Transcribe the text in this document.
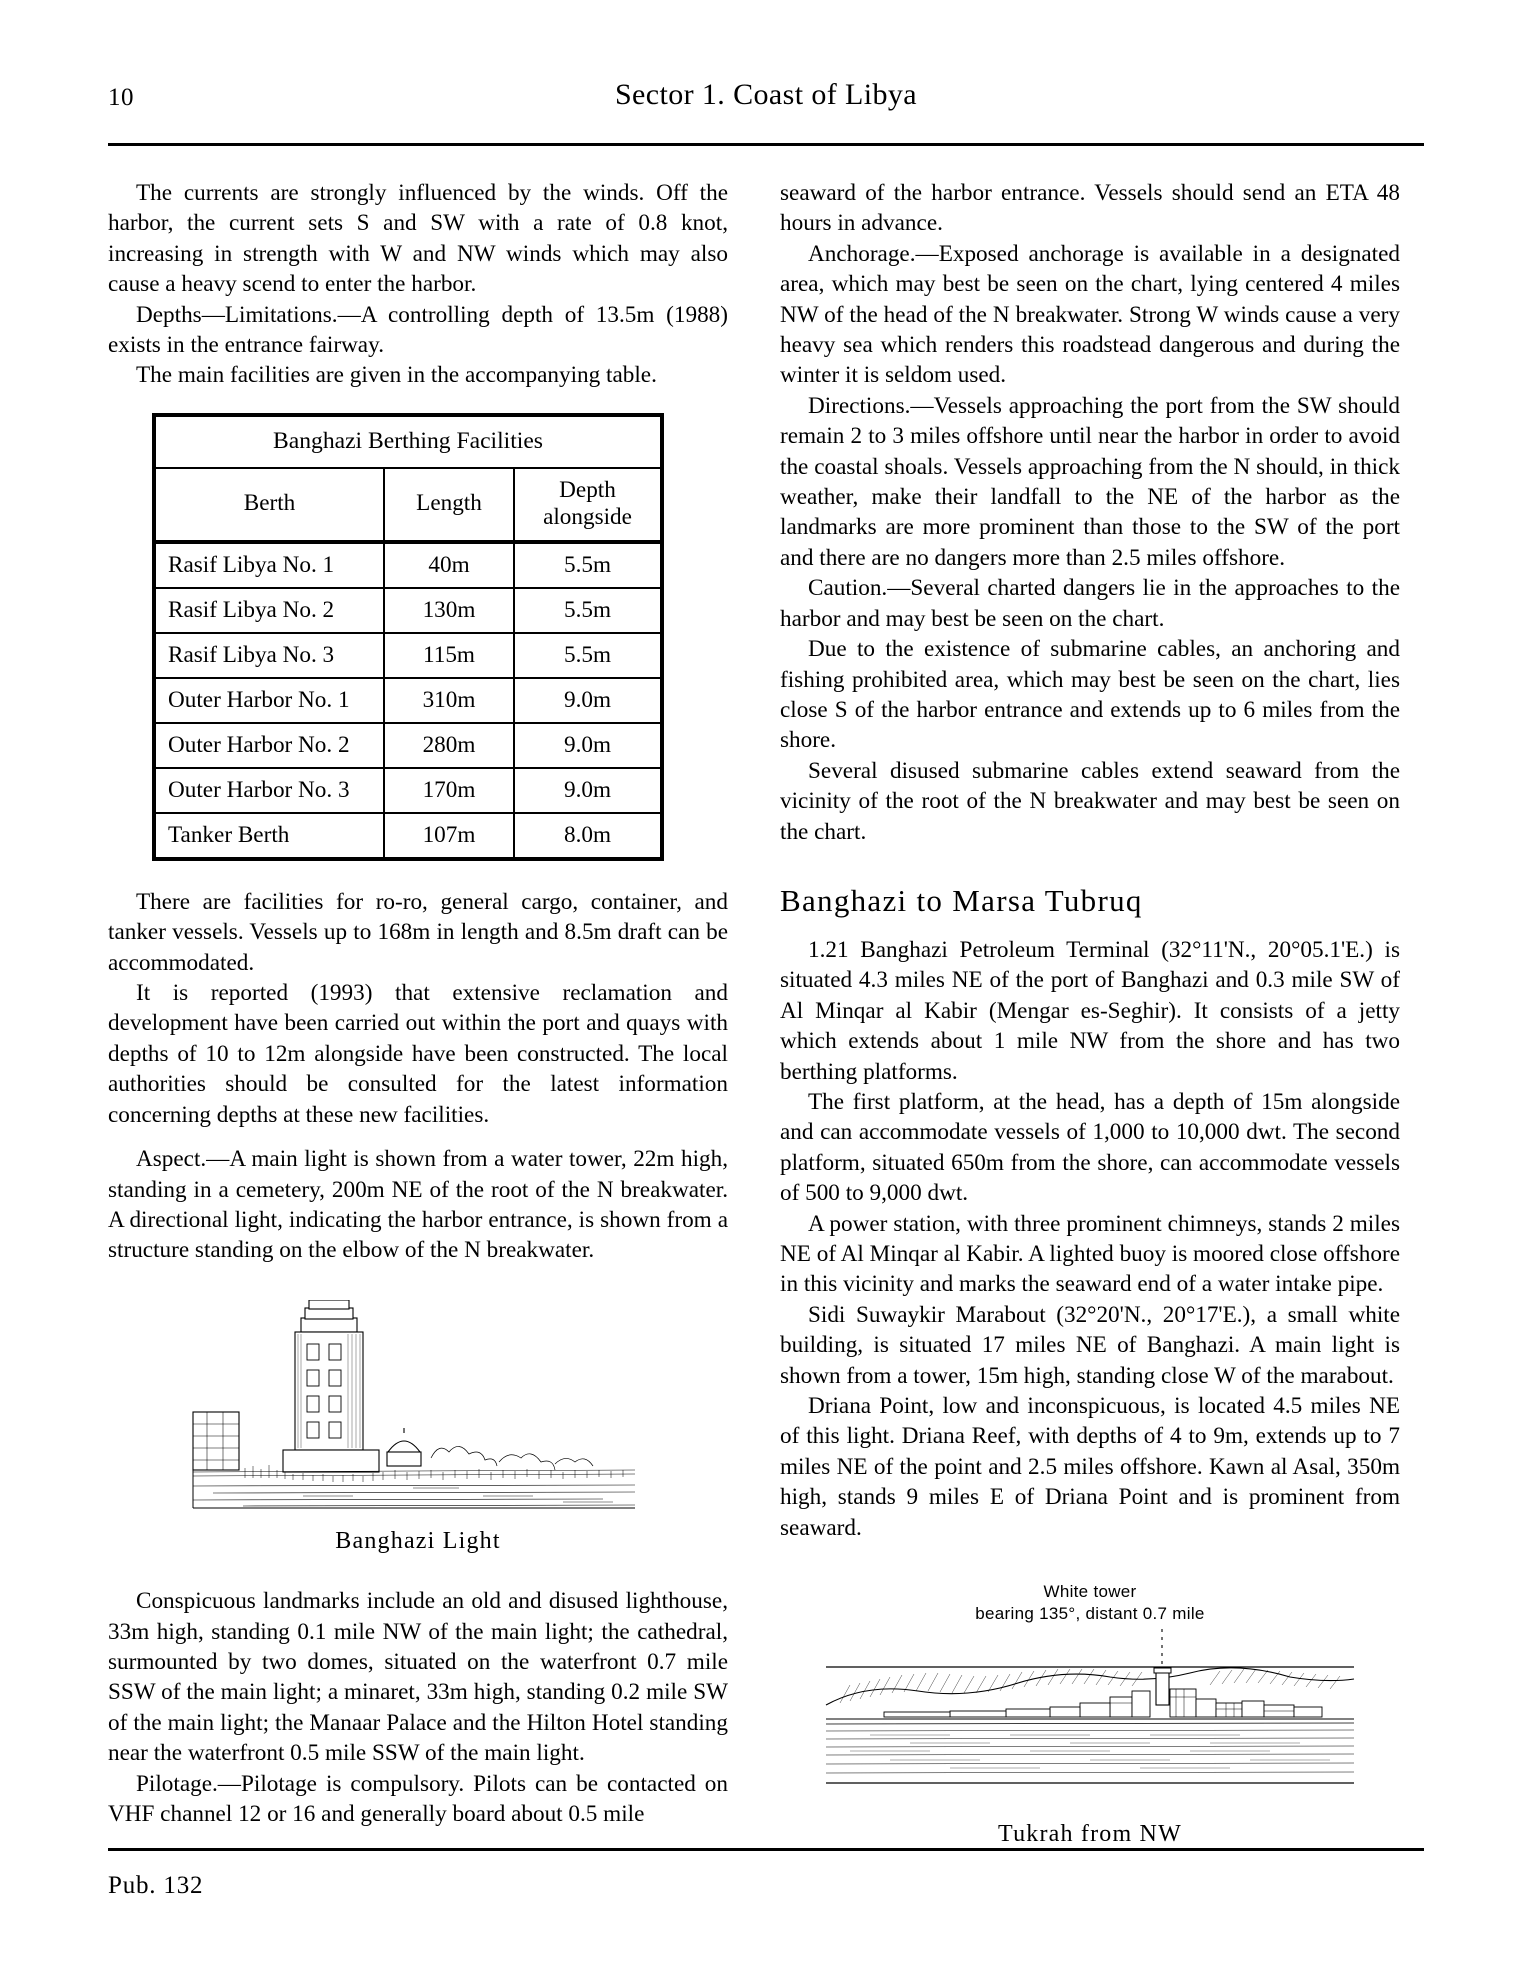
10	Sector 1. Coast of Libya

The currents are strongly influenced by the winds. Off the harbor, the current sets S and SW with a rate of 0.8 knot, increasing in strength with W and NW winds which may also cause a heavy scend to enter the harbor.

Depths—Limitations.—A controlling depth of 13.5m (1988) exists in the entrance fairway.

The main facilities are given in the accompanying table.

Banghazi Berthing Facilities		
Berth	Length	Depth
alongside
Rasif Libya No. 1	40m	5.5m
Rasif Libya No. 2	130m	5.5m
Rasif Libya No. 3	115m	5.5m
Outer Harbor No. 1	310m	9.0m
Outer Harbor No. 2	280m	9.0m
Outer Harbor No. 3	170m	9.0m
Tanker Berth	107m	8.0m

There are facilities for ro-ro, general cargo, container, and tanker vessels. Vessels up to 168m in length and 8.5m draft can be accommodated.

It is reported (1993) that extensive reclamation and development have been carried out within the port and quays with depths of 10 to 12m alongside have been constructed. The local authorities should be consulted for the latest information concerning depths at these new facilities.

Aspect.—A main light is shown from a water tower, 22m high, standing in a cemetery, 200m NE of the root of the N breakwater. A directional light, indicating the harbor entrance, is shown from a structure standing on the elbow of the N breakwater.

Banghazi Light

Conspicuous landmarks include an old and disused lighthouse, 33m high, standing 0.1 mile NW of the main light; the cathedral, surmounted by two domes, situated on the waterfront 0.7 mile SSW of the main light; a minaret, 33m high, standing 0.2 mile SW of the main light; the Manaar Palace and the Hilton Hotel standing near the waterfront 0.5 mile SSW of the main light.

Pilotage.—Pilotage is compulsory. Pilots can be contacted on VHF channel 12 or 16 and generally board about 0.5 mile

seaward of the harbor entrance. Vessels should send an ETA 48 hours in advance.

Anchorage.—Exposed anchorage is available in a designated area, which may best be seen on the chart, lying centered 4 miles NW of the head of the N breakwater. Strong W winds cause a very heavy sea which renders this roadstead dangerous and during the winter it is seldom used.

Directions.—Vessels approaching the port from the SW should remain 2 to 3 miles offshore until near the harbor in order to avoid the coastal shoals. Vessels approaching from the N should, in thick weather, make their landfall to the NE of the harbor as the landmarks are more prominent than those to the SW of the port and there are no dangers more than 2.5 miles offshore.

Caution.—Several charted dangers lie in the approaches to the harbor and may best be seen on the chart.

Due to the existence of submarine cables, an anchoring and fishing prohibited area, which may best be seen on the chart, lies close S of the harbor entrance and extends up to 6 miles from the shore.

Several disused submarine cables extend seaward from the vicinity of the root of the N breakwater and may best be seen on the chart.

Banghazi to Marsa Tubruq

1.21 Banghazi Petroleum Terminal (32°11'N., 20°05.1'E.) is situated 4.3 miles NE of the port of Banghazi and 0.3 mile SW of Al Minqar al Kabir (Mengar es-Seghir). It consists of a jetty which extends about 1 mile NW from the shore and has two berthing platforms.

The first platform, at the head, has a depth of 15m alongside and can accommodate vessels of 1,000 to 10,000 dwt. The second platform, situated 650m from the shore, can accommodate vessels of 500 to 9,000 dwt.

A power station, with three prominent chimneys, stands 2 miles NE of Al Minqar al Kabir. A lighted buoy is moored close offshore in this vicinity and marks the seaward end of a water intake pipe.

Sidi Suwaykir Marabout (32°20'N., 20°17'E.), a small white building, is situated 17 miles NE of Banghazi. A main light is shown from a tower, 15m high, standing close W of the marabout.

Driana Point, low and inconspicuous, is located 4.5 miles NE of this light. Driana Reef, with depths of 4 to 9m, extends up to 7 miles NE of the point and 2.5 miles offshore. Kawn al Asal, 350m high, stands 9 miles E of Driana Point and is prominent from seaward.

White tower
bearing 135°, distant 0.7 mile
Tukrah from NW
Pub. 132
